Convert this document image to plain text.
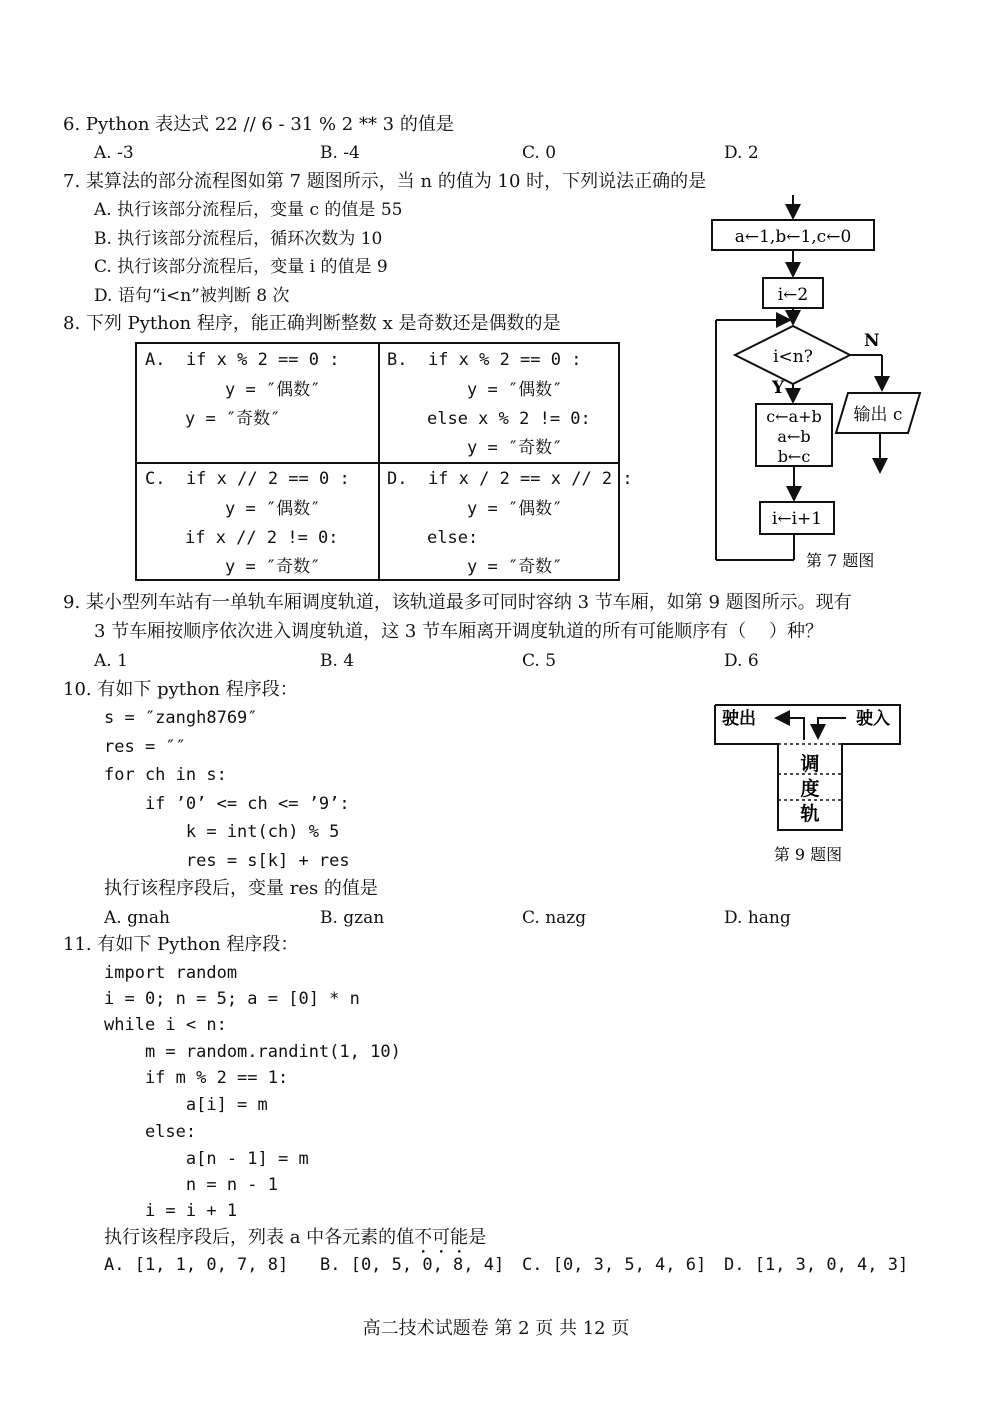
6. Python 表达式 22 // 6 - 31 % 2 ** 3 的值是
A. -3	B. -4	C. 0	D. 2
7. 某算法的部分流程图如第 7 题图所示，当 n 的值为 10 时，下列说法正确的是
A. 执行该部分流程后，变量 c 的值是 55
B. 执行该部分流程后，循环次数为 10
C. 执行该部分流程后，变量 i 的值是 9
D. 语句“i<n”被判断 8 次
a←1,b←1,c←0
i←2
i<n?
N
输出 c
Y
c←a+b
a←b
b←c
i←i+1
第 7 题图
8. 下列 Python 程序，能正确判断整数 x 是奇数还是偶数的是
A.  if x % 2 == 0 :
y = ″偶数″
y = ″奇数″
B.  if x % 2 == 0 :
y = ″偶数″
else x % 2 != 0:
y = ″奇数″
C.  if x // 2 == 0 :
y = ″偶数″
if x // 2 != 0:
y = ″奇数″
D.  if x / 2 == x // 2 :
y = ″偶数″
else:
y = ″奇数″
9. 某小型列车站有一单轨车厢调度轨道，该轨道最多可同时容纳 3 节车厢，如第 9 题图所示。现有
3 节车厢按顺序依次进入调度轨道，这 3 节车厢离开调度轨道的所有可能顺序有（    ）种？
A. 1	B. 4	C. 5	D. 6
10. 有如下 python 程序段：
s = ″zangh8769″
res = ″″
for ch in s:
if ’0’ <= ch <= ’9’:
k = int(ch) % 5
res = s[k] + res
执行该程序段后，变量 res 的值是
A. gnah	B. gzan	C. nazg	D. hang
驶出	驶入
调
度
轨
第 9 题图
11. 有如下 Python 程序段：
import random
i = 0; n = 5; a = [0] * n
while i < n:
m = random.randint(1, 10)
if m % 2 == 1:
a[i] = m
else:
a[n - 1] = m
n = n - 1
i = i + 1
执行该程序段后，列表 a 中各元素的值不可能是
A. [1, 1, 0, 7, 8] B. [0, 5, 0, 8, 4] C. [0, 3, 5, 4, 6] D. [1, 3, 0, 4, 3]
高二技术试题卷 第 2 页 共 12 页
